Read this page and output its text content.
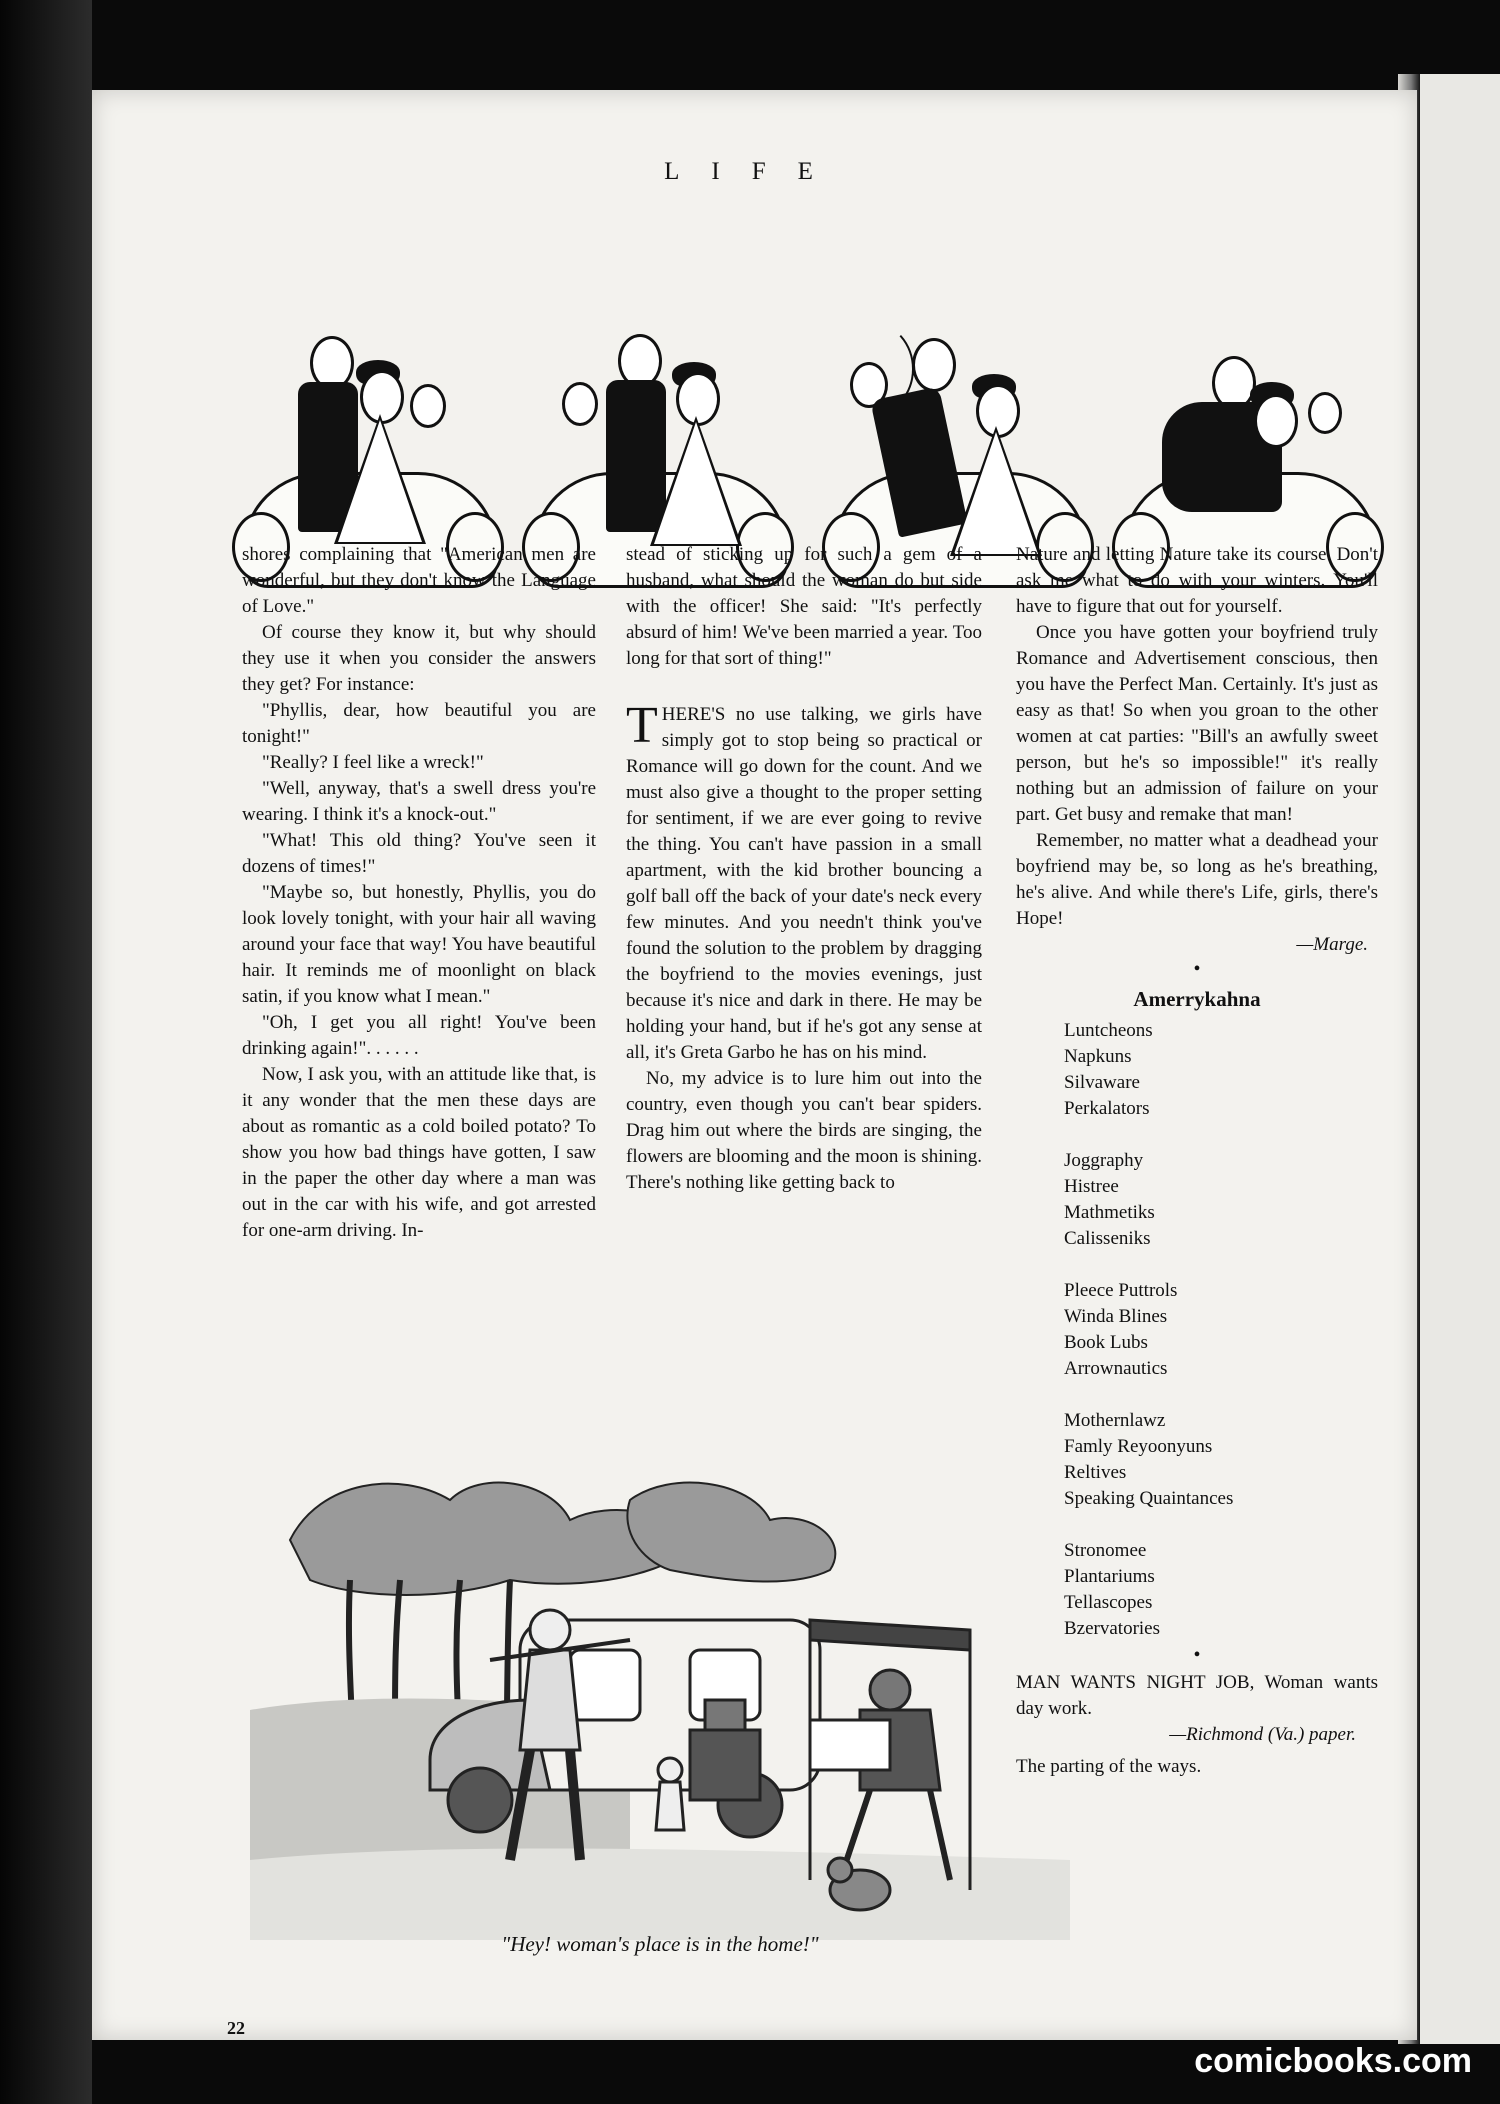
LIFE

shores complaining that "American men are wonderful, but they don't know the Language of Love."

Of course they know it, but why should they use it when you consider the answers they get? For instance:

"Phyllis, dear, how beautiful you are tonight!"

"Really? I feel like a wreck!"

"Well, anyway, that's a swell dress you're wearing. I think it's a knock-out."

"What! This old thing? You've seen it dozens of times!"

"Maybe so, but honestly, Phyllis, you do look lovely tonight, with your hair all waving around your face that way! You have beautiful hair. It reminds me of moonlight on black satin, if you know what I mean."

"Oh, I get you all right! You've been drinking again!". . . . . .

Now, I ask you, with an attitude like that, is it any wonder that the men these days are about as romantic as a cold boiled potato? To show you how bad things have gotten, I saw in the paper the other day where a man was out in the car with his wife, and got arrested for one-arm driving. In-

stead of sticking up for such a gem of a husband, what should the woman do but side with the officer! She said: "It's perfectly absurd of him! We've been married a year. Too long for that sort of thing!"

THERE'S no use talking, we girls have simply got to stop being so practical or Romance will go down for the count. And we must also give a thought to the proper setting for sentiment, if we are ever going to revive the thing. You can't have passion in a small apartment, with the kid brother bouncing a golf ball off the back of your date's neck every few minutes. And you needn't think you've found the solution to the problem by dragging the boyfriend to the movies evenings, just because it's nice and dark in there. He may be holding your hand, but if he's got any sense at all, it's Greta Garbo he has on his mind.

No, my advice is to lure him out into the country, even though you can't bear spiders. Drag him out where the birds are singing, the flowers are blooming and the moon is shining. There's nothing like getting back to

Nature and letting Nature take its course. Don't ask me what to do with your winters. You'll have to figure that out for yourself.

Once you have gotten your boyfriend truly Romance and Advertisement conscious, then you have the Perfect Man. Certainly. It's just as easy as that! So when you groan to the other women at cat parties: "Bill's an awfully sweet person, but he's so impossible!" it's really nothing but an admission of failure on your part. Get busy and remake that man!

Remember, no matter what a deadhead your boyfriend may be, so long as he's breathing, he's alive. And while there's Life, girls, there's Hope!

—Marge.
•
Amerrykahna
Luntcheons
Napkuns
Silvaware
Perkalators
Joggraphy
Histree
Mathmetiks
Calisseniks
Pleece Puttrols
Winda Blines
Book Lubs
Arrownautics
Mothernlawz
Famly Reyoonyuns
Reltives
Speaking Quaintances
Stronomee
Plantariums
Tellascopes
Bzervatories
•
MAN WANTS NIGHT JOB, Woman wants day work.
—Richmond (Va.) paper.
The parting of the ways.
"Hey! woman's place is in the home!"

22

comicbooks.com
